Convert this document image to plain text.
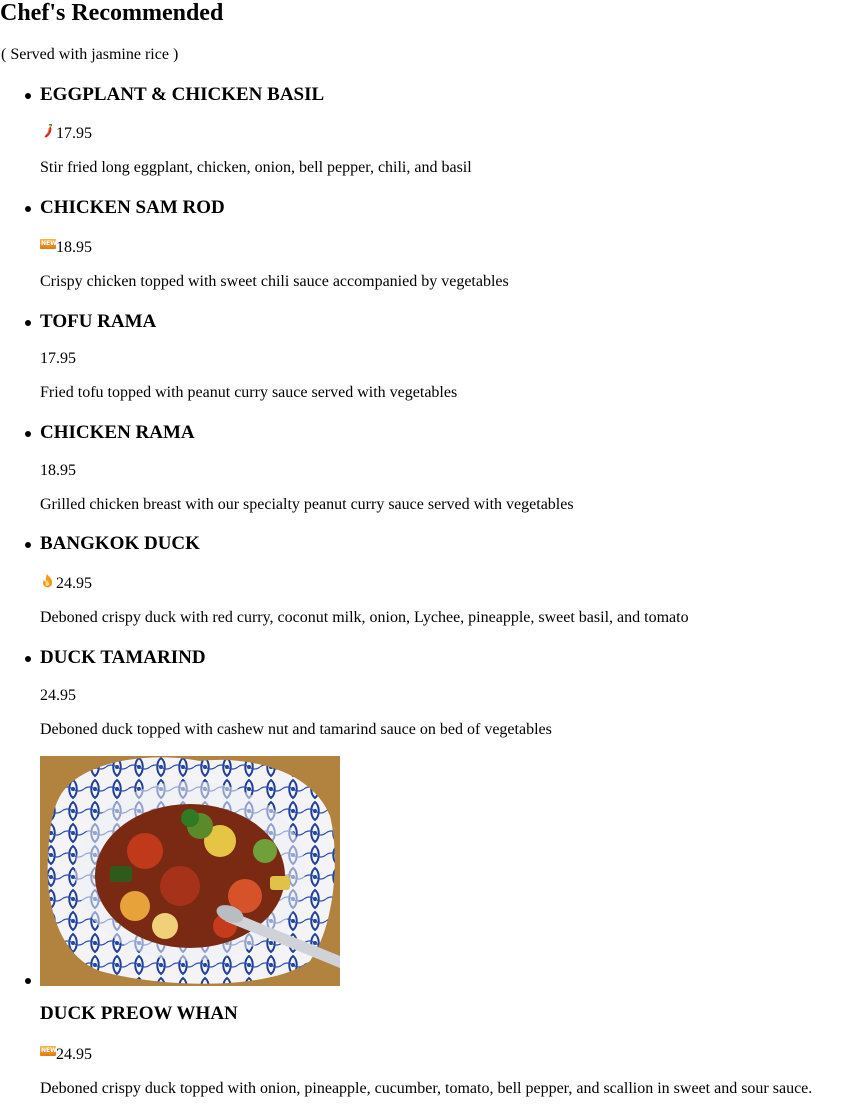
Chef's Recommended

( Served with jasmine rice )

EGGPLANT & CHICKEN BASIL
17.95

Stir fried long eggplant, chicken, onion, bell pepper, chili, and basil

CHICKEN SAM ROD
NEW 18.95

Crispy chicken topped with sweet chili sauce accompanied by vegetables

TOFU RAMA
17.95

Fried tofu topped with peanut curry sauce served with vegetables

CHICKEN RAMA
18.95

Grilled chicken breast with our specialty peanut curry sauce served with vegetables

BANGKOK DUCK
24.95

Deboned crispy duck with red curry, coconut milk, onion, Lychee, pineapple, sweet basil, and tomato

DUCK TAMARIND
24.95

Deboned duck topped with cashew nut and tamarind sauce on bed of vegetables

DUCK PREOW WHAN
NEW 24.95

Deboned crispy duck topped with onion, pineapple, cucumber, tomato, bell pepper, and scallion in sweet and sour sauce.
